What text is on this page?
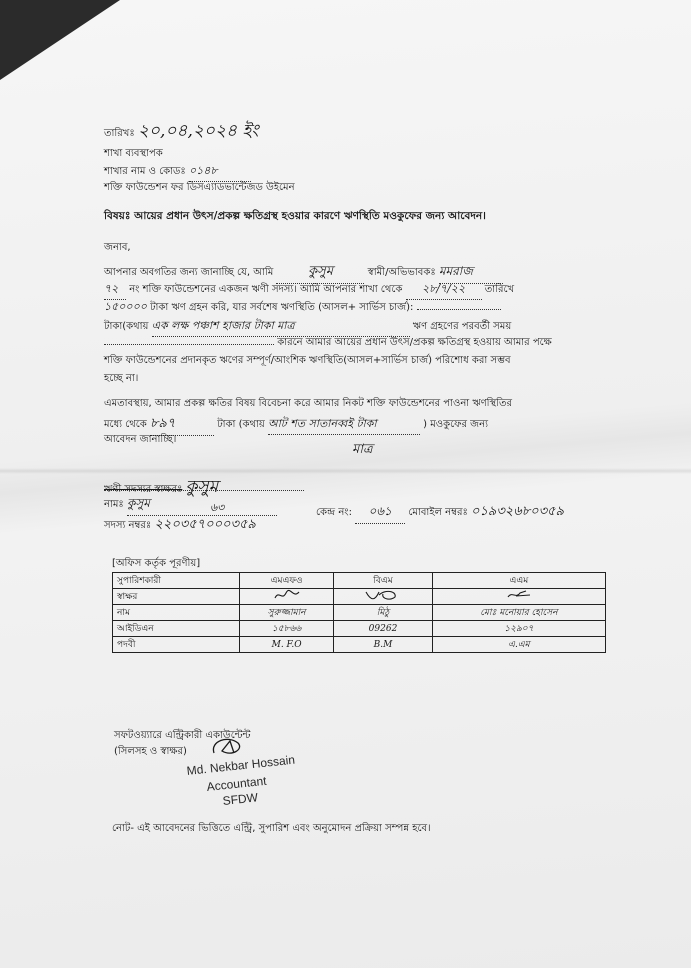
তারিখঃ ২০,০৪,২০২৪ ইং
শাখা ব্যবস্থাপক
শাখার নাম ও কোডঃ ০১৪৮
শক্তি ফাউন্ডেশন ফর ডিসএ্যাডভান্টেজড উইমেন
বিষয়ঃ আয়ের প্রধান উৎস/প্রকল্প ক্ষতিগ্রস্থ হওয়ার কারণে ঋণস্থিতি মওকুফের জন্য আবেদন।
জনাব,
আপনার অবগতির জন্য জানাচ্ছি যে, আমি	কুসুম	স্বামী/অভিভাবকঃ মমরাজ
৭২ নং শক্তি ফাউন্ডেশনের একজন ঋণী সদস্য। আমি আপনার শাখা থেকে ২৮/৭/২২ তারিখে
১৫০০০০ টাকা ঋণ গ্রহন করি, যার সর্বশেষ ঋণস্থিতি (আসল+ সার্ভিস চার্জ):
টাকা(কথায় এক লক্ষ পঞ্চাশ হাজার টাকা মাত্র	ঋণ গ্রহণের পরবর্তী সময়
কারনে আমার আয়ের প্রধান উৎস/প্রকল্প ক্ষতিগ্রস্থ হওয়ায় আমার পক্ষে
শক্তি ফাউন্ডেশনের প্রদানকৃত ঋণের সম্পূর্ণ/আংশিক ঋণস্থিতি(আসল+সার্ভিস চার্জ) পরিশোধ করা সম্ভব
হচ্ছে না।
এমতাবস্থায়, আমার প্রকল্প ক্ষতির বিষয় বিবেচনা করে আমার নিকট শক্তি ফাউন্ডেশনের পাওনা ঋণস্থিতির
মধ্যে থেকে ৮৯৭	টাকা (কথায় আট শত সাতানব্বই টাকা	) মওকুফের জন্য
আবেদন জানাচ্ছি।
মাত্র
ঋণী সদস্যর স্বাক্ষরঃ কুসুম
নামঃ কুসুম
সদস্য নম্বরঃ ২২০৩৫৭০০০৩৫৯
৬৩	কেন্দ্র নং: ০৬১ মোবাইল নম্বরঃ ০১৯৩২৬৮০৩৫৯
[অফিস কর্তৃক পূরণীয়]
সুপারিশকারী	এমএফও	বিএম	এএম
স্বাক্ষর			
নাম	সুরুজ্জামান	মিঠু	মোঃ মনোয়ার হোসেন
আইডিএন	১৫৮৬৬	09262	১২৯০৭
পদবী	M. F.O	B.M	এ.এম
সফটওয়্যারে এন্ট্রিকারী একাউন্টেন্ট
(সিলসহ ও স্বাক্ষর)
Md. Nekbar Hossain
Accountant
SFDW
নোট- এই আবেদনের ভিত্তিতে এন্ট্রি, সুপারিশ এবং অনুমোদন প্রক্রিয়া সম্পন্ন হবে।
